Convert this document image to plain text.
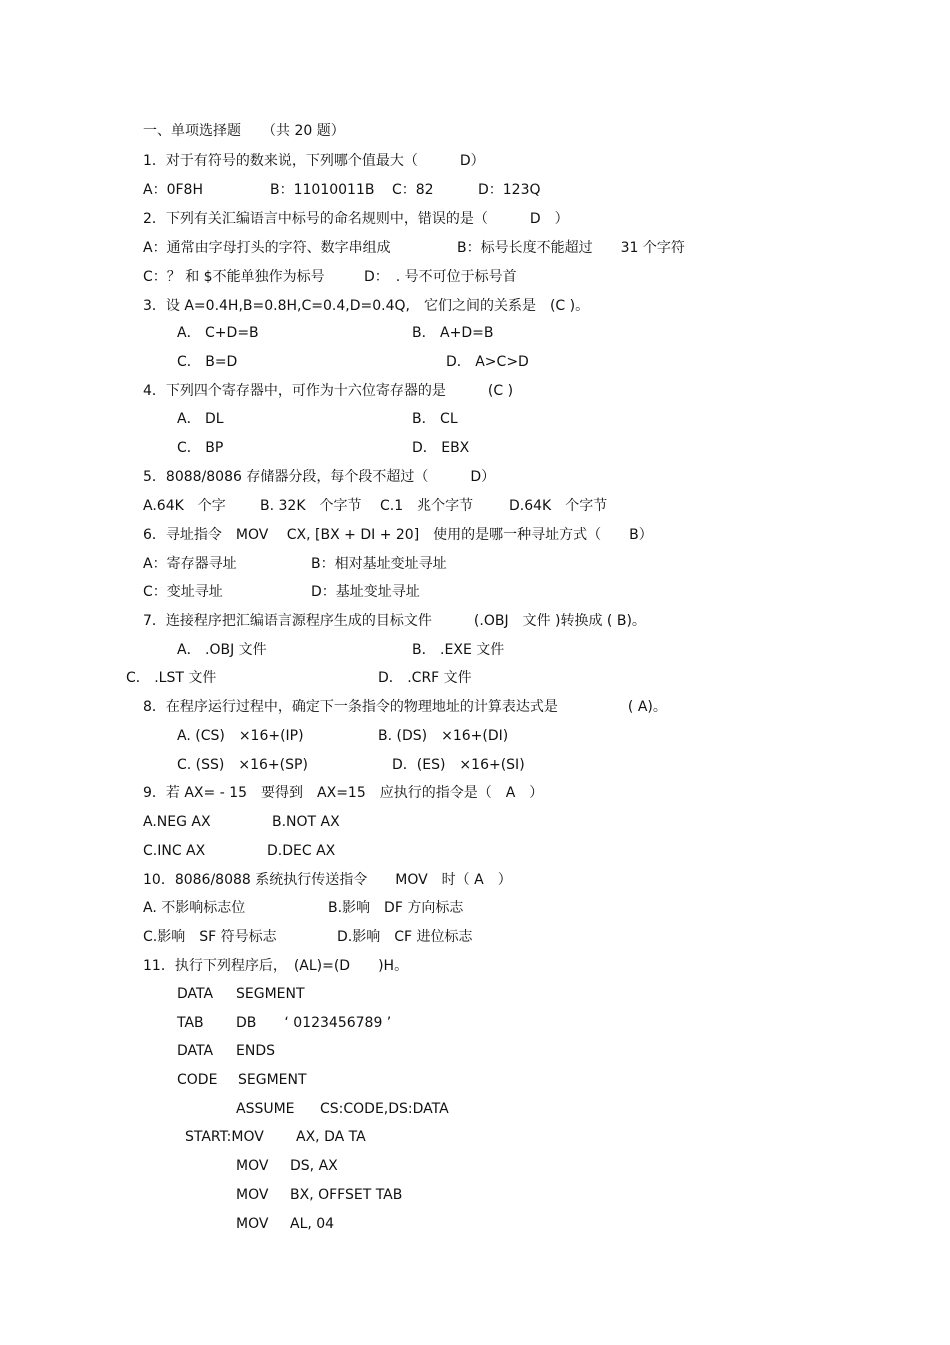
一、单项选择题　　（共 20 题）
1．对于有符号的数来说，下列哪个值最大（　　　D）
A：0F8H	B：11010011B C：82	D：123Q
2．下列有关汇编语言中标号的命名规则中，错误的是（　　　D　）
A：通常由字母打头的字符、数字串组成	B：标号长度不能超过　　31 个字符
C：？ 和 $不能单独作为标号	D：　. 号不可位于标号首
3．设 A=0.4H,B=0.8H,C=0.4,D=0.4Q,　它们之间的关系是　(C )。
A． C+D=B	B． A+D=B
C． B=D	D． A>C>D
4．下列四个寄存器中，可作为十六位寄存器的是　　　(C )
A． DL	B． CL
C． BP	D． EBX
5．8088/8086 存储器分段，每个段不超过（　　　D）
A.64K　个字 B. 32K　个字节 C.1　兆个字节	D.64K　个字节
6．寻址指令　MOV　 CX, [BX + DI + 20]　使用的是哪一种寻址方式（　　B）
A：寄存器寻址	B：相对基址变址寻址
C：变址寻址	D：基址变址寻址
7．连接程序把汇编语言源程序生成的目标文件　　　(.OBJ　文件 )转换成 ( B)。
A． .OBJ 文件	B． .EXE 文件
C． .LST 文件	D． .CRF 文件
8．在程序运行过程中，确定下一条指令的物理地址的计算表达式是　　　　　( A)。
A. (CS)　×16+(IP)	B. (DS)　×16+(DI)
C. (SS)　×16+(SP)	D．(ES)　×16+(SI)
9．若 AX= - 15　要得到　AX=15　应执行的指令是（　A　）
A.NEG AX	B.NOT AX
C.INC AX	D.DEC AX
10．8086/8088 系统执行传送指令　　MOV　时（ A　）
A. 不影响标志位	B.影响　DF 方向标志
C.影响　SF 符号标志	D.影响　CF 进位标志
11．执行下列程序后，　(AL)=(D　　)H。
DATA SEGMENT
TAB DB　　‘ 0123456789 ’
DATA ENDS
CODE SEGMENT
ASSUME CS:CODE,DS:DATA
START:MOV AX, DA TA
MOV DS, AX
MOV BX, OFFSET TAB
MOV AL, 04
